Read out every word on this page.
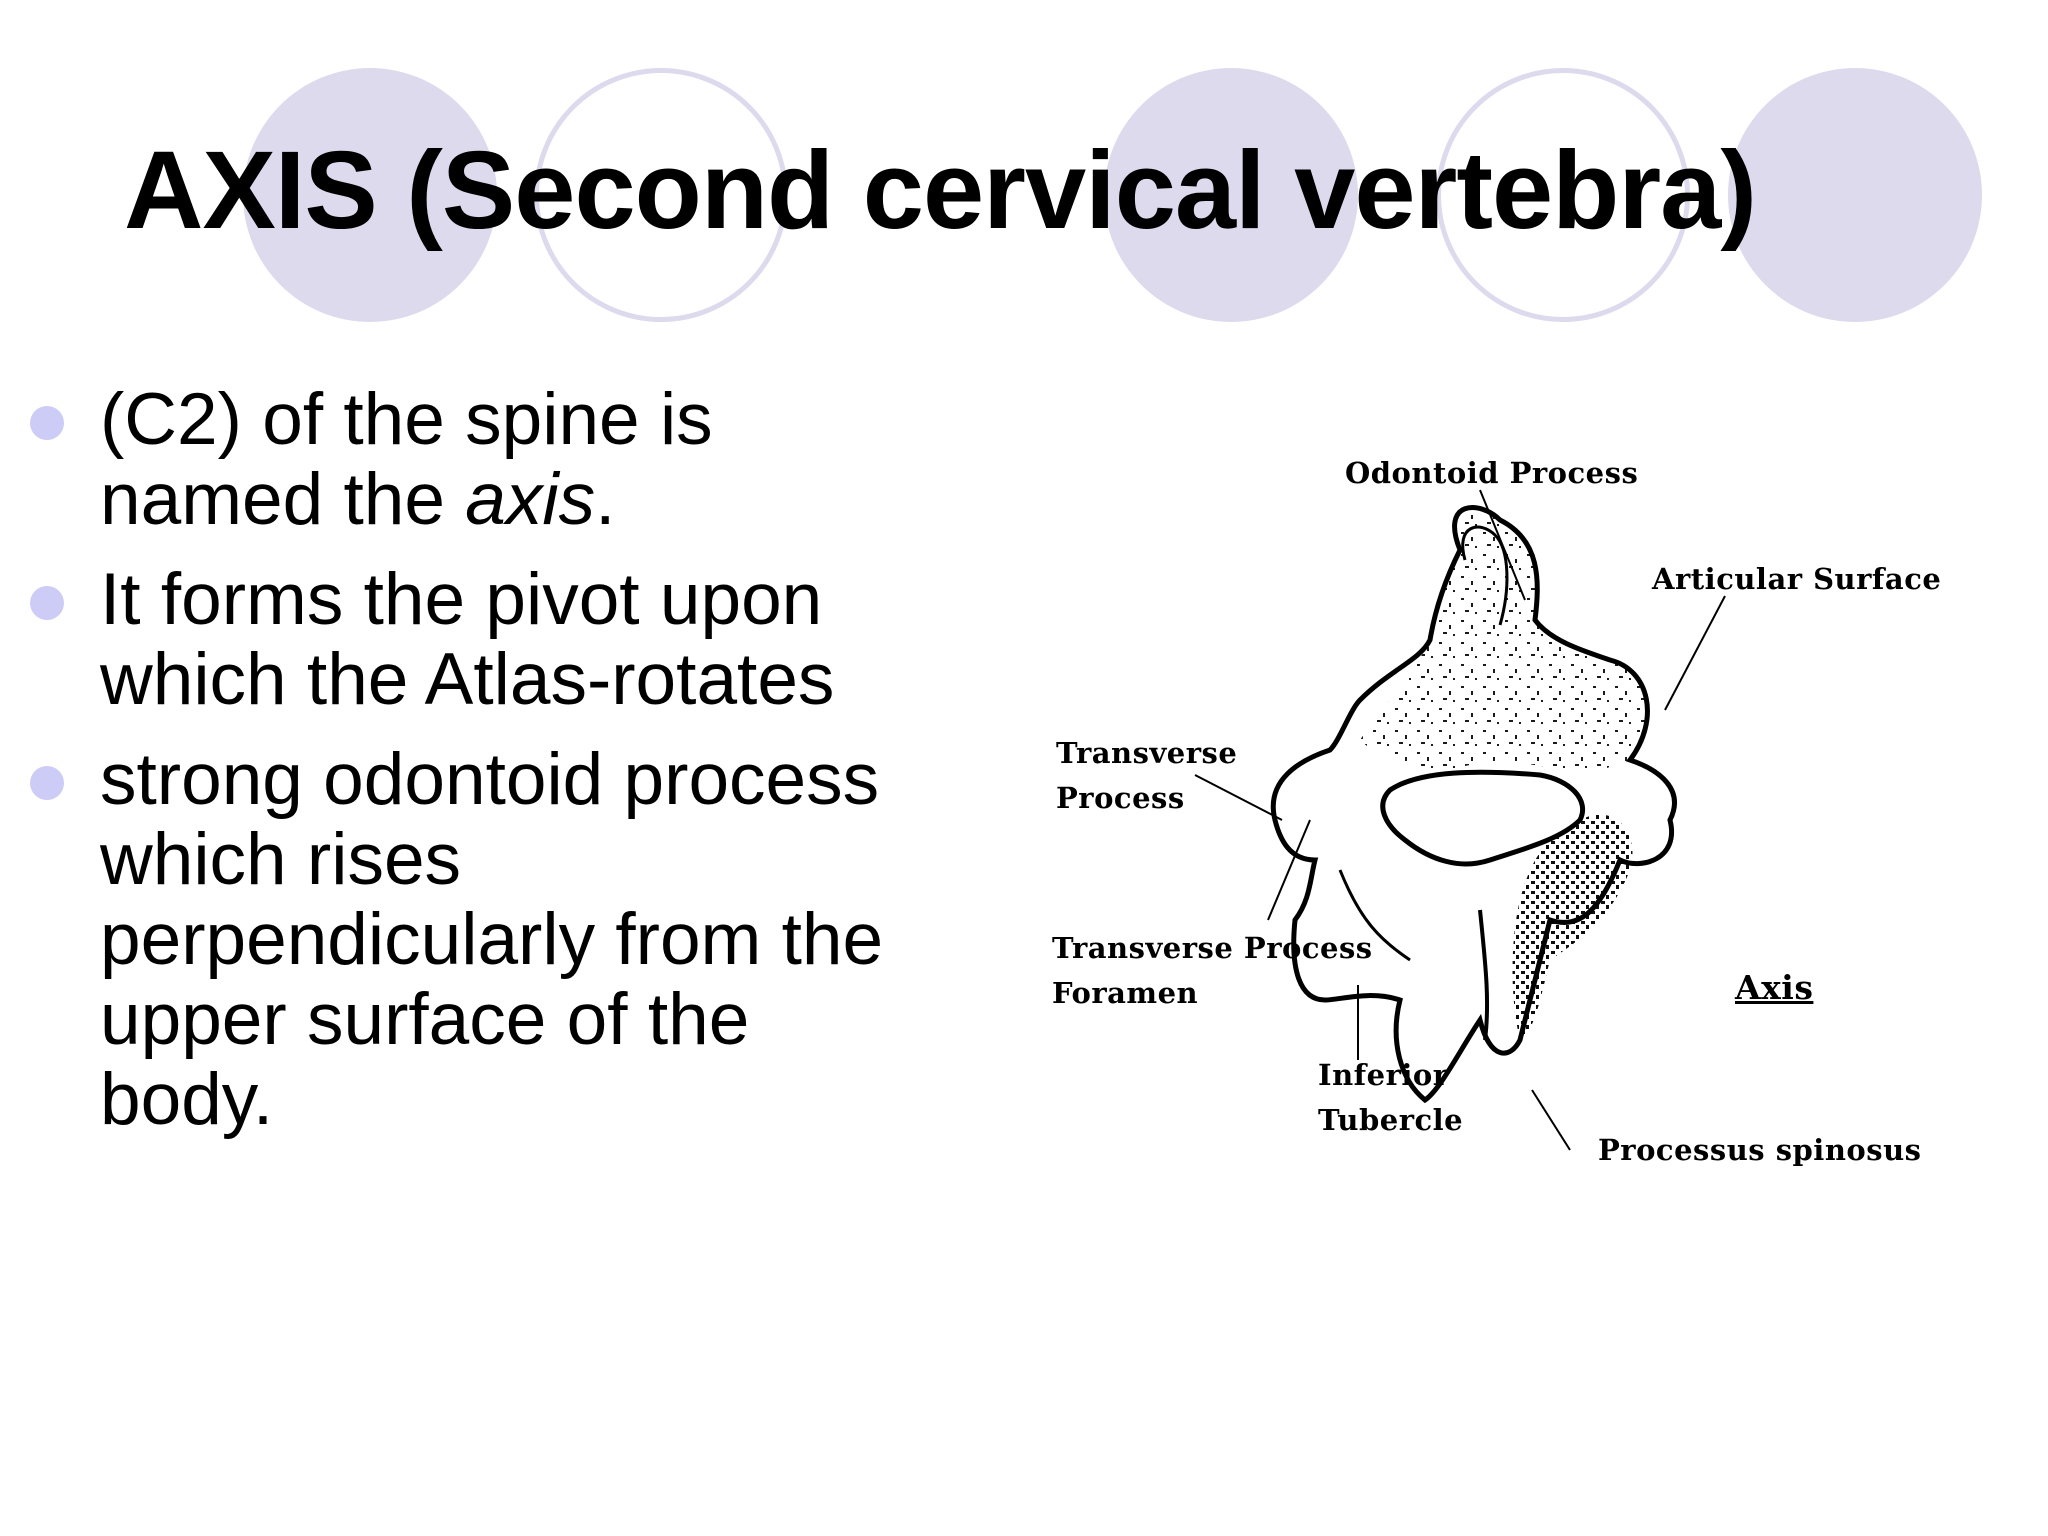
AXIS (Second cervical vertebra)
(C2) of the spine is named the axis.
It forms the pivot upon which the Atlas-rotates
strong odontoid process which rises perpendicularly from the upper surface of the body.
Odontoid Process
Articular Surface
Transverse
Process
Transverse Process
Foramen	Axis
Inferior
Tubercle
Processus spinosus
